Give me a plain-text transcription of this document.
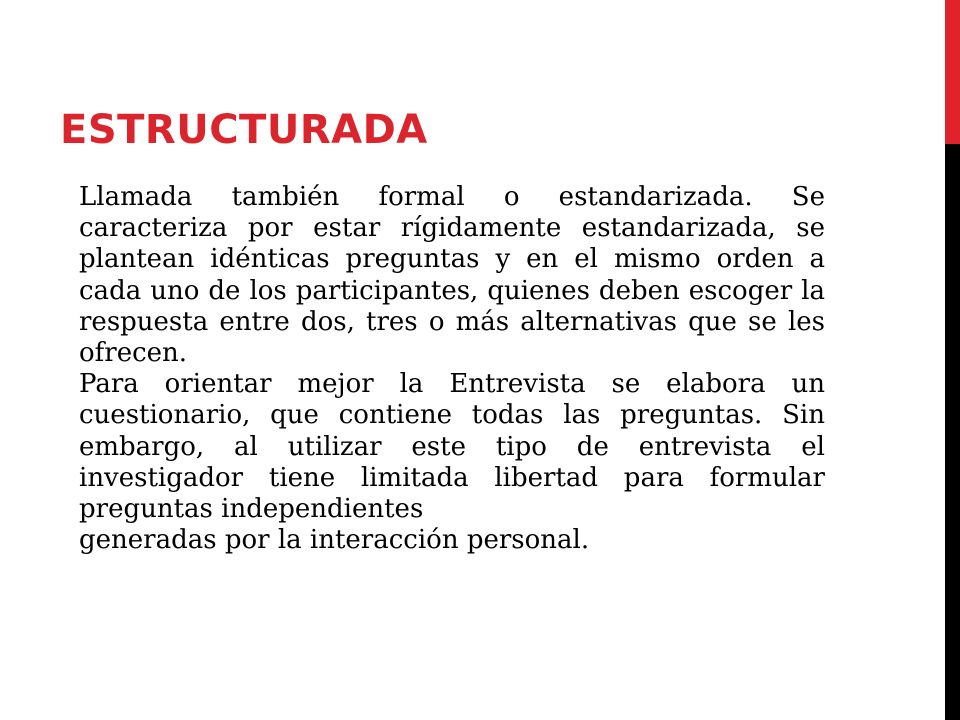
ESTRUCTURADA

Llamada también formal o estandarizada. Se caracteriza por estar rígidamente estandarizada, se plantean idénticas preguntas y en el mismo orden a cada uno de los participantes, quienes deben escoger la respuesta entre dos, tres o más alternativas que se les ofrecen.

Para orientar mejor la Entrevista se elabora un cuestionario, que contiene todas las preguntas. Sin embargo, al utilizar este tipo de entrevista el investigador tiene limitada libertad para formular preguntas independientes
generadas por la interacción personal.
